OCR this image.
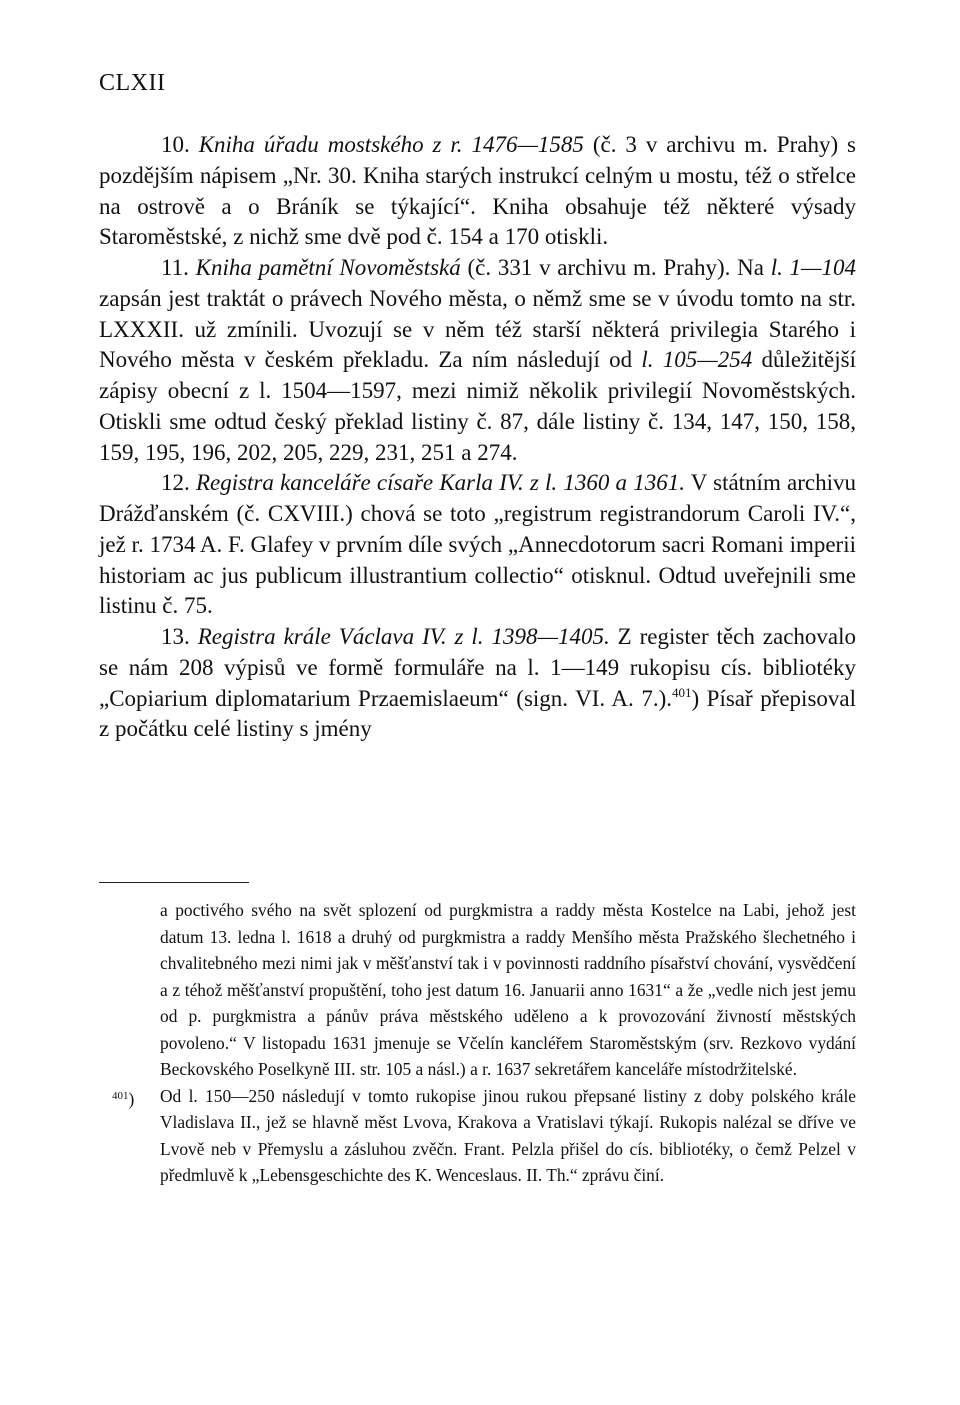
CLXII

10. Kniha úřadu mostského z r. 1476—1585 (č. 3 v archivu m. Prahy) s pozdějším nápisem „Nr. 30. Kniha starých instrukcí celným u mostu, též o střelce na ostrově a o Bráník se týkající“. Kniha obsahuje též některé výsady Staroměstské, z nichž sme dvě pod č. 154 a 170 otiskli.

11. Kniha pamětní Novoměstská (č. 331 v archivu m. Prahy). Na l. 1—104 zapsán jest traktát o právech Nového města, o němž sme se v úvodu tomto na str. LXXXII. už zmínili. Uvozují se v něm též starší některá privilegia Starého i Nového města v českém překladu. Za ním následují od l. 105—254 důležitější zápisy obecní z l. 1504—1597, mezi nimiž několik privilegií Novoměstských. Otiskli sme odtud český překlad listiny č. 87, dále listiny č. 134, 147, 150, 158, 159, 195, 196, 202, 205, 229, 231, 251 a 274.

12. Registra kanceláře císaře Karla IV. z l. 1360 a 1361. V státním archivu Drážďanském (č. CXVIII.) chová se toto „registrum registrandorum Caroli IV.“, jež r. 1734 A. F. Glafey v prvním díle svých „Annecdotorum sacri Romani imperii historiam ac jus publicum illustrantium collectio“ otisknul. Odtud uveřejnili sme listinu č. 75.

13. Registra krále Václava IV. z l. 1398—1405. Z register těch zachovalo se nám 208 výpisů ve formě formuláře na l. 1—149 rukopisu cís. bibliotéky „Copiarium diplomatarium Przaemislaeum“ (sign. VI. A. 7.).$^{401}$) Písař přepisoval z počátku celé listiny s jmény

a poctivého svého na svět splození od purgkmistra a raddy města Kostelce na Labi, jehož jest datum 13. ledna l. 1618 a druhý od purgkmistra a raddy Menšího města Pražského šlechetného i chvalitebného mezi nimi jak v měšťanství tak i v povinnosti raddního písařství chování, vysvědčení a z téhož měšťanství propuštění, toho jest datum 16. Januarii anno 1631“ a že „vedle nich jest jemu od p. purgkmistra a pánův práva městského uděleno a k provozování živností městských povoleno.“ V listopadu 1631 jmenuje se Včelín kancléřem Staroměstským (srv. Rezkovo vydání Beckovského Poselkyně III. str. 105 a násl.) a r. 1637 sekretářem kanceláře místodržitelské.

$^{401}$) Od l. 150—250 následují v tomto rukopise jinou rukou přepsané listiny z doby polského krále Vladislava II., jež se hlavně měst Lvova, Krakova a Vratislavi týkají. Rukopis nalézal se dříve ve Lvově neb v Přemyslu a zásluhou zvěčn. Frant. Pelzla přišel do cís. bibliotéky, o čemž Pelzel v předmluvě k „Lebensgeschichte des K. Wenceslaus. II. Th.“ zprávu činí.
